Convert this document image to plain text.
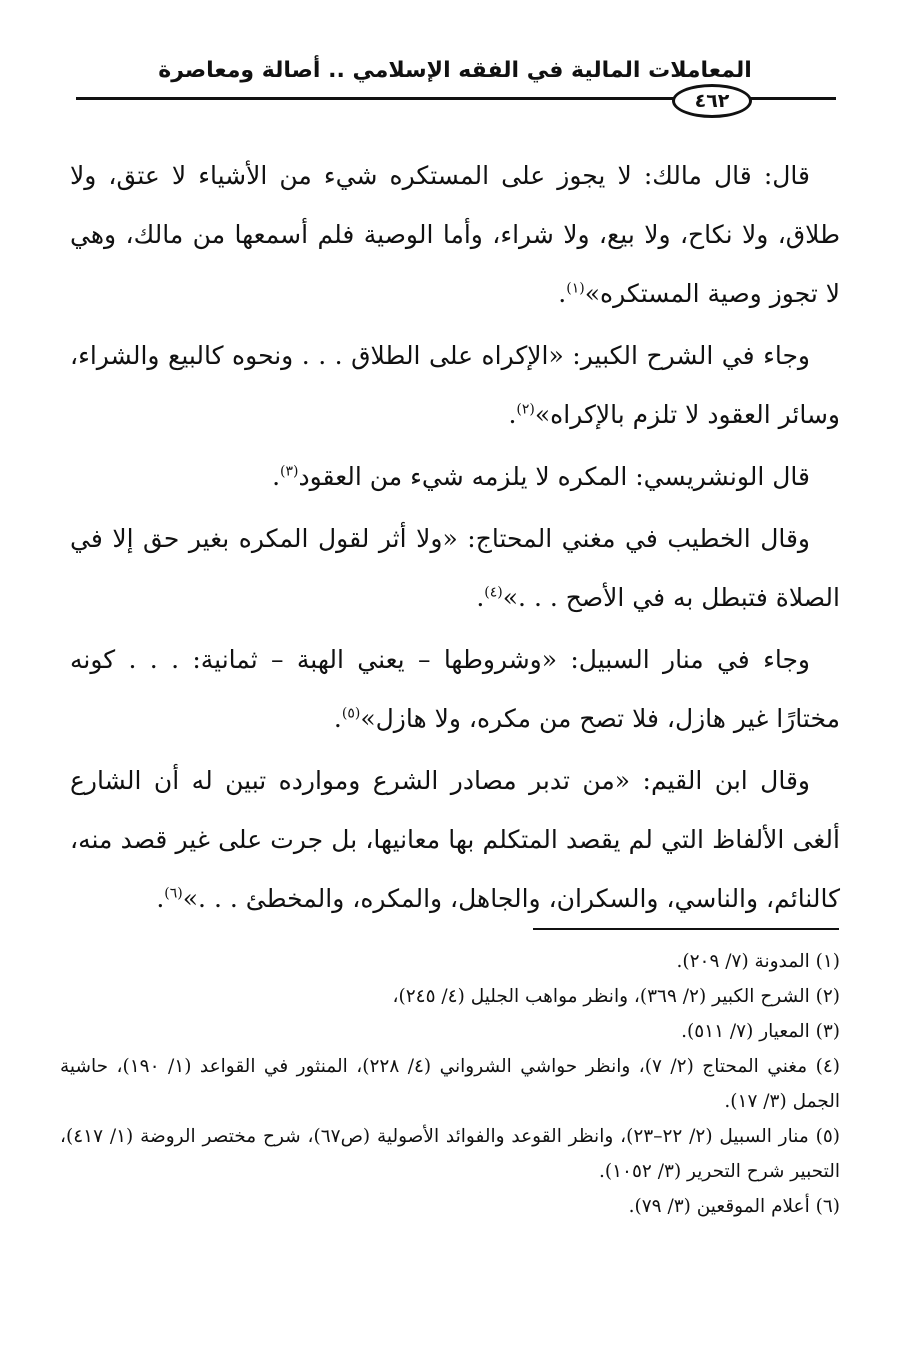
المعاملات المالية في الفقه الإسلامي .. أصالة ومعاصرة
٤٦٢

قال: قال مالك: لا يجوز على المستكره شيء من الأشياء لا عتق، ولا طلاق، ولا نكاح، ولا بيع، ولا شراء، وأما الوصية فلم أسمعها من مالك، وهي لا تجوز وصية المستكره»$^{(١)}$.

وجاء في الشرح الكبير: «الإكراه على الطلاق . . . ونحوه كالبيع والشراء، وسائر العقود لا تلزم بالإكراه»$^{(٢)}$.

قال الونشريسي: المكره لا يلزمه شيء من العقود$^{(٣)}$.

وقال الخطيب في مغني المحتاج: «ولا أثر لقول المكره بغير حق إلا في الصلاة فتبطل به في الأصح . . .»$^{(٤)}$.

وجاء في منار السبيل: «وشروطها – يعني الهبة – ثمانية: . . . كونه مختارًا غير هازل، فلا تصح من مكره، ولا هازل»$^{(٥)}$.

وقال ابن القيم: «من تدبر مصادر الشرع وموارده تبين له أن الشارع ألغى الألفاظ التي لم يقصد المتكلم بها معانيها، بل جرت على غير قصد منه، كالنائم، والناسي، والسكران، والجاهل، والمكره، والمخطئ . . .»$^{(٦)}$.

(١) المدونة (٧/ ٢٠٩).

(٢) الشرح الكبير (٢/ ٣٦٩)، وانظر مواهب الجليل (٤/ ٢٤٥)،

(٣) المعيار (٧/ ٥١١).

(٤) مغني المحتاج (٢/ ٧)، وانظر حواشي الشرواني (٤/ ٢٢٨)، المنثور في القواعد (١/ ١٩٠)، حاشية الجمل (٣/ ١٧).

(٥) منار السبيل (٢/ ٢٢–٢٣)، وانظر القوعد والفوائد الأصولية (ص٦٧)، شرح مختصر الروضة (١/ ٤١٧)، التحبير شرح التحرير (٣/ ١٠٥٢).

(٦) أعلام الموقعين (٣/ ٧٩).
